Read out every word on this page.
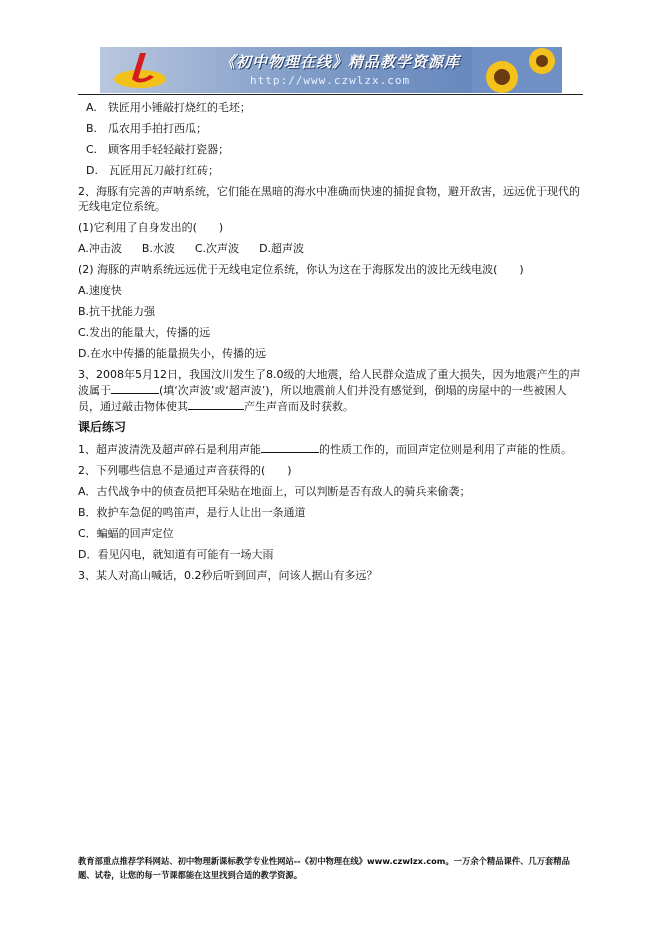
《初中物理在线》精品教学资源库
http://www.czwlzx.com
A.　铁匠用小锤敲打烧红的毛坯；
B.　瓜农用手拍打西瓜；
C.　顾客用手轻轻敲打瓷器；
D.　瓦匠用瓦刀敲打红砖；
2、海豚有完善的声呐系统，它们能在黑暗的海水中准确而快速的捕捉食物，避开敌害，远远优于现代的无线电定位系统。
(1)它利用了自身发出的(　　)
A.冲击波 B.水波 C.次声波 D.超声波
(2) 海豚的声呐系统远远优于无线电定位系统，你认为这在于海豚发出的波比无线电波(　　)
A.速度快
B.抗干扰能力强
C.发出的能量大，传播的远
D.在水中传播的能量损失小，传播的远
3、2008年5月12日，我国汶川发生了8.0级的大地震，给人民群众造成了重大损失，因为地震产生的声波属于	(填‘次声波’或‘超声波’)，所以地震前人们并没有感觉到，倒塌的房屋中的一些被困人员，通过敲击物体使其	产生声音而及时获救。
课后练习
1、超声波清洗及超声碎石是利用声能	的性质工作的，而回声定位则是利用了声能的性质。
2、下列哪些信息不是通过声音获得的(　　)
A．古代战争中的侦查员把耳朵贴在地面上，可以判断是否有敌人的骑兵来偷袭；
B．救护车急促的鸣笛声，是行人让出一条通道
C．蝙蝠的回声定位
D．看见闪电，就知道有可能有一场大雨
3、某人对高山喊话，0.2秒后听到回声，问该人据山有多远？
教育部重点推荐学科网站、初中物理新课标教学专业性网站--《初中物理在线》www.czwlzx.com。一万余个精品课件、几万套精品题、试卷，让您的每一节课都能在这里找到合适的教学资源。
